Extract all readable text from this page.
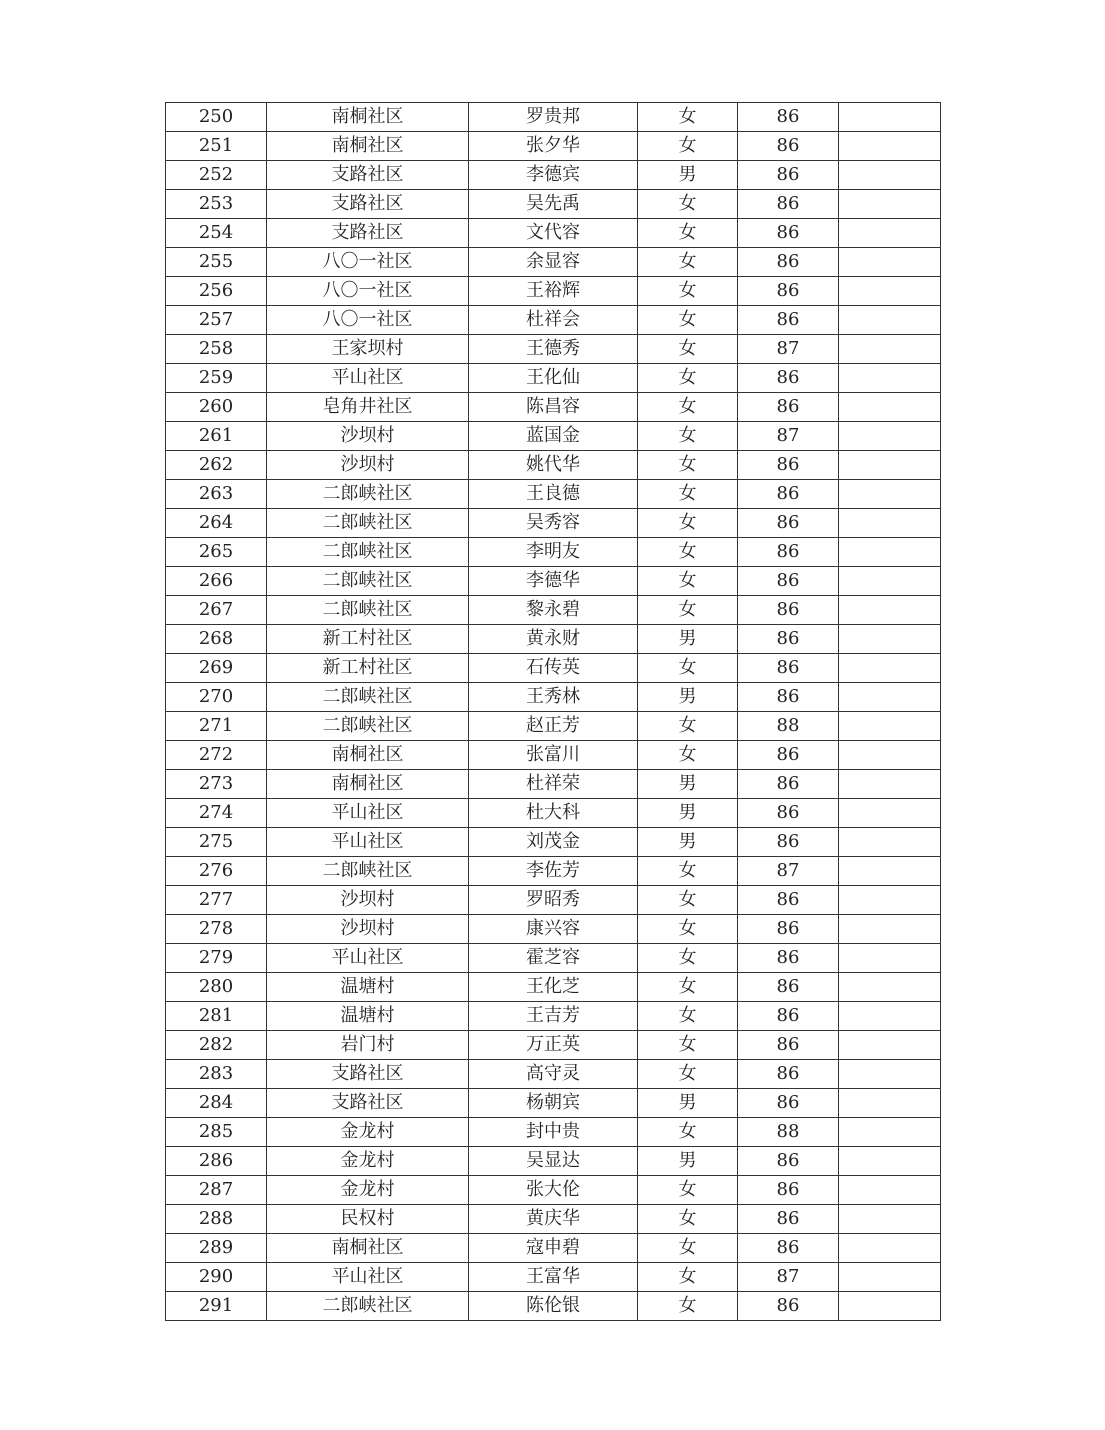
250	南桐社区	罗贵邦	女	86	
251	南桐社区	张夕华	女	86	
252	支路社区	李德宾	男	86	
253	支路社区	吴先禹	女	86	
254	支路社区	文代容	女	86	
255	八〇一社区	余显容	女	86	
256	八〇一社区	王裕辉	女	86	
257	八〇一社区	杜祥会	女	86	
258	王家坝村	王德秀	女	87	
259	平山社区	王化仙	女	86	
260	皂角井社区	陈昌容	女	86	
261	沙坝村	蓝国金	女	87	
262	沙坝村	姚代华	女	86	
263	二郎峡社区	王良德	女	86	
264	二郎峡社区	吴秀容	女	86	
265	二郎峡社区	李明友	女	86	
266	二郎峡社区	李德华	女	86	
267	二郎峡社区	黎永碧	女	86	
268	新工村社区	黄永财	男	86	
269	新工村社区	石传英	女	86	
270	二郎峡社区	王秀林	男	86	
271	二郎峡社区	赵正芳	女	88	
272	南桐社区	张富川	女	86	
273	南桐社区	杜祥荣	男	86	
274	平山社区	杜大科	男	86	
275	平山社区	刘茂金	男	86	
276	二郎峡社区	李佐芳	女	87	
277	沙坝村	罗昭秀	女	86	
278	沙坝村	康兴容	女	86	
279	平山社区	霍芝容	女	86	
280	温塘村	王化芝	女	86	
281	温塘村	王吉芳	女	86	
282	岩门村	万正英	女	86	
283	支路社区	高守灵	女	86	
284	支路社区	杨朝宾	男	86	
285	金龙村	封中贵	女	88	
286	金龙村	吴显达	男	86	
287	金龙村	张大伦	女	86	
288	民权村	黄庆华	女	86	
289	南桐社区	寇申碧	女	86	
290	平山社区	王富华	女	87	
291	二郎峡社区	陈伦银	女	86	
